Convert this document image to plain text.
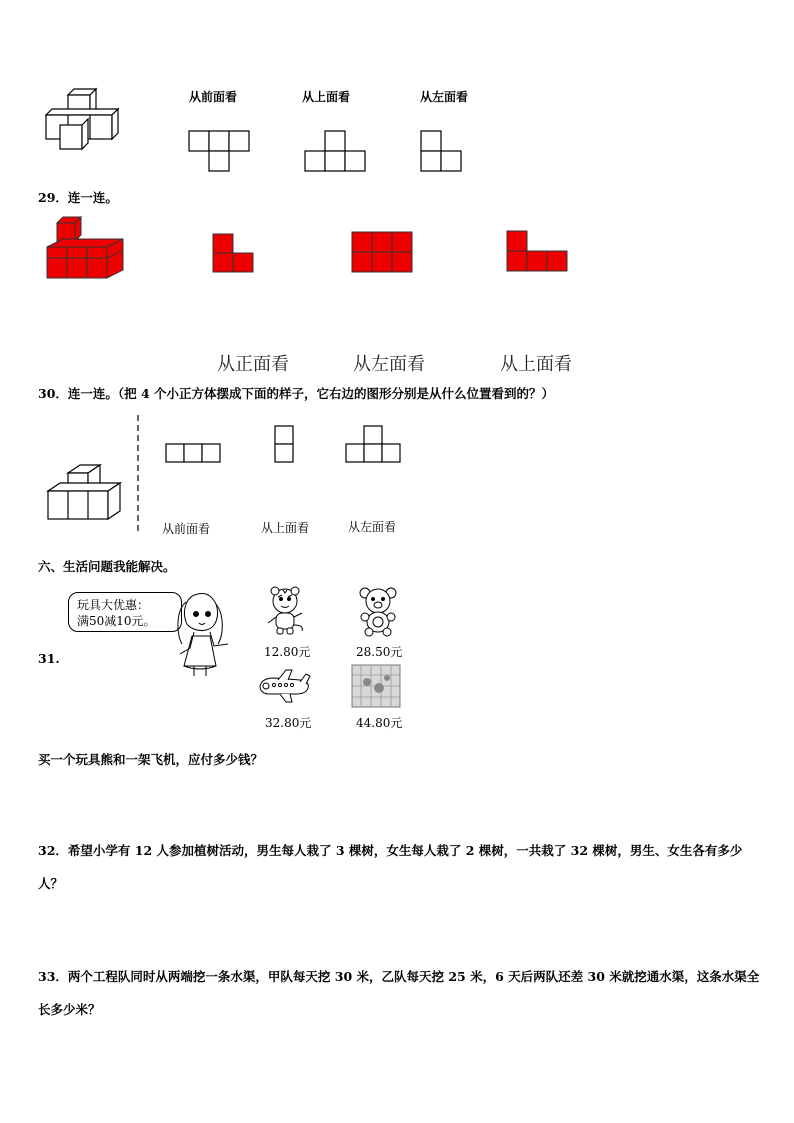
从前面看	从上面看	从左面看
29．连一连。
从正面看	从左面看	从上面看
30．连一连。（把 4 个小正方体摆成下面的样子，它右边的图形分别是从什么位置看到的？）
从前面看	从上面看	从左面看
六、生活问题我能解决。
31.
玩具大优惠：
满50减10元。
12.80元	28.50元
32.80元	44.80元
买一个玩具熊和一架飞机，应付多少钱？
32．希望小学有 12 人参加植树活动，男生每人栽了 3 棵树，女生每人栽了 2 棵树，一共栽了 32 棵树，男生、女生各有多少人？
33．两个工程队同时从两端挖一条水渠，甲队每天挖 30 米，乙队每天挖 25 米，6 天后两队还差 30 米就挖通水渠，这条水渠全长多少米？
